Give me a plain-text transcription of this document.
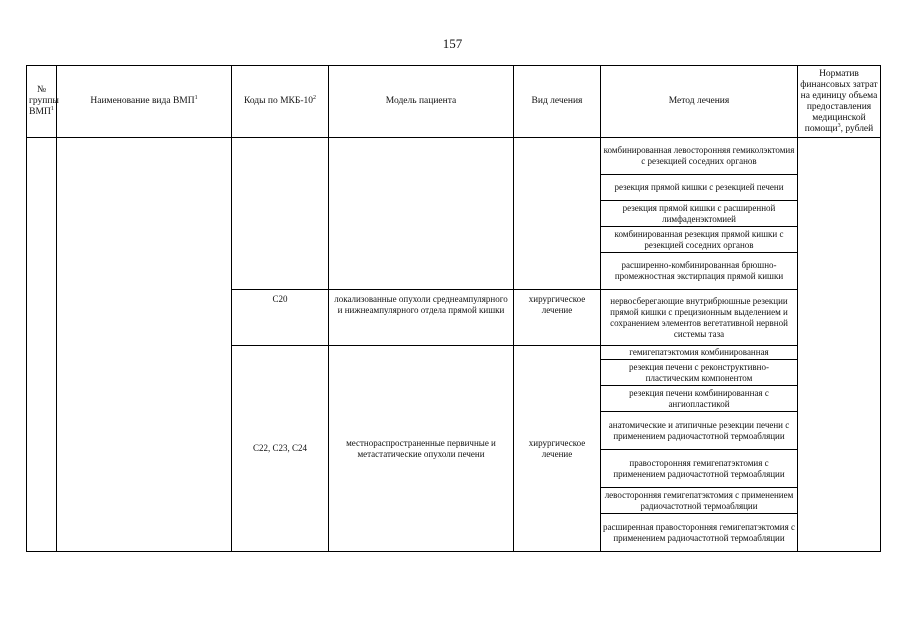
157
№ группы ВМП$^1$	Наименование вида ВМП$^1$	Коды по МКБ-$10^2$	Модель пациента	Вид лечения	Метод лечения	Норматив финансовых затрат на единицу объема предоставления медицинской помощи$^3$, рублей
					комбинированная левосторонняя гемиколэктомия с резекцией соседних органов	
					резекция прямой кишки с резекцией печени	
					резекция прямой кишки с расширенной лимфаденэктомией	
					комбинированная резекция прямой кишки с резекцией соседних органов	
					расширенно-комбинированная брюшно-промежностная экстирпация прямой кишки	
		C20	локализованные опухоли среднеампулярного и нижнеампулярного отдела прямой кишки	хирургическое лечение	нервосберегающие внутрибрюшные резекции прямой кишки с прецизионным выделением и сохранением элементов вегетативной нервной системы таза	
		C22, C23, C24	местнораспространенные первичные и метастатические опухоли печени	хирургическое лечение	гемигепатэктомия комбинированная	
					резекция печени с реконструктивно-пластическим компонентом	
					резекция печени комбинированная с ангиопластикой	
					анатомические и атипичные резекции печени с применением радиочастотной термоабляции	
					правосторонняя гемигепатэктомия с применением радиочастотной термоабляции	
					левосторонняя гемигепатэктомия с применением радиочастотной термоабляции	
					расширенная правосторонняя гемигепатэктомия с применением радиочастотной термоабляции	
